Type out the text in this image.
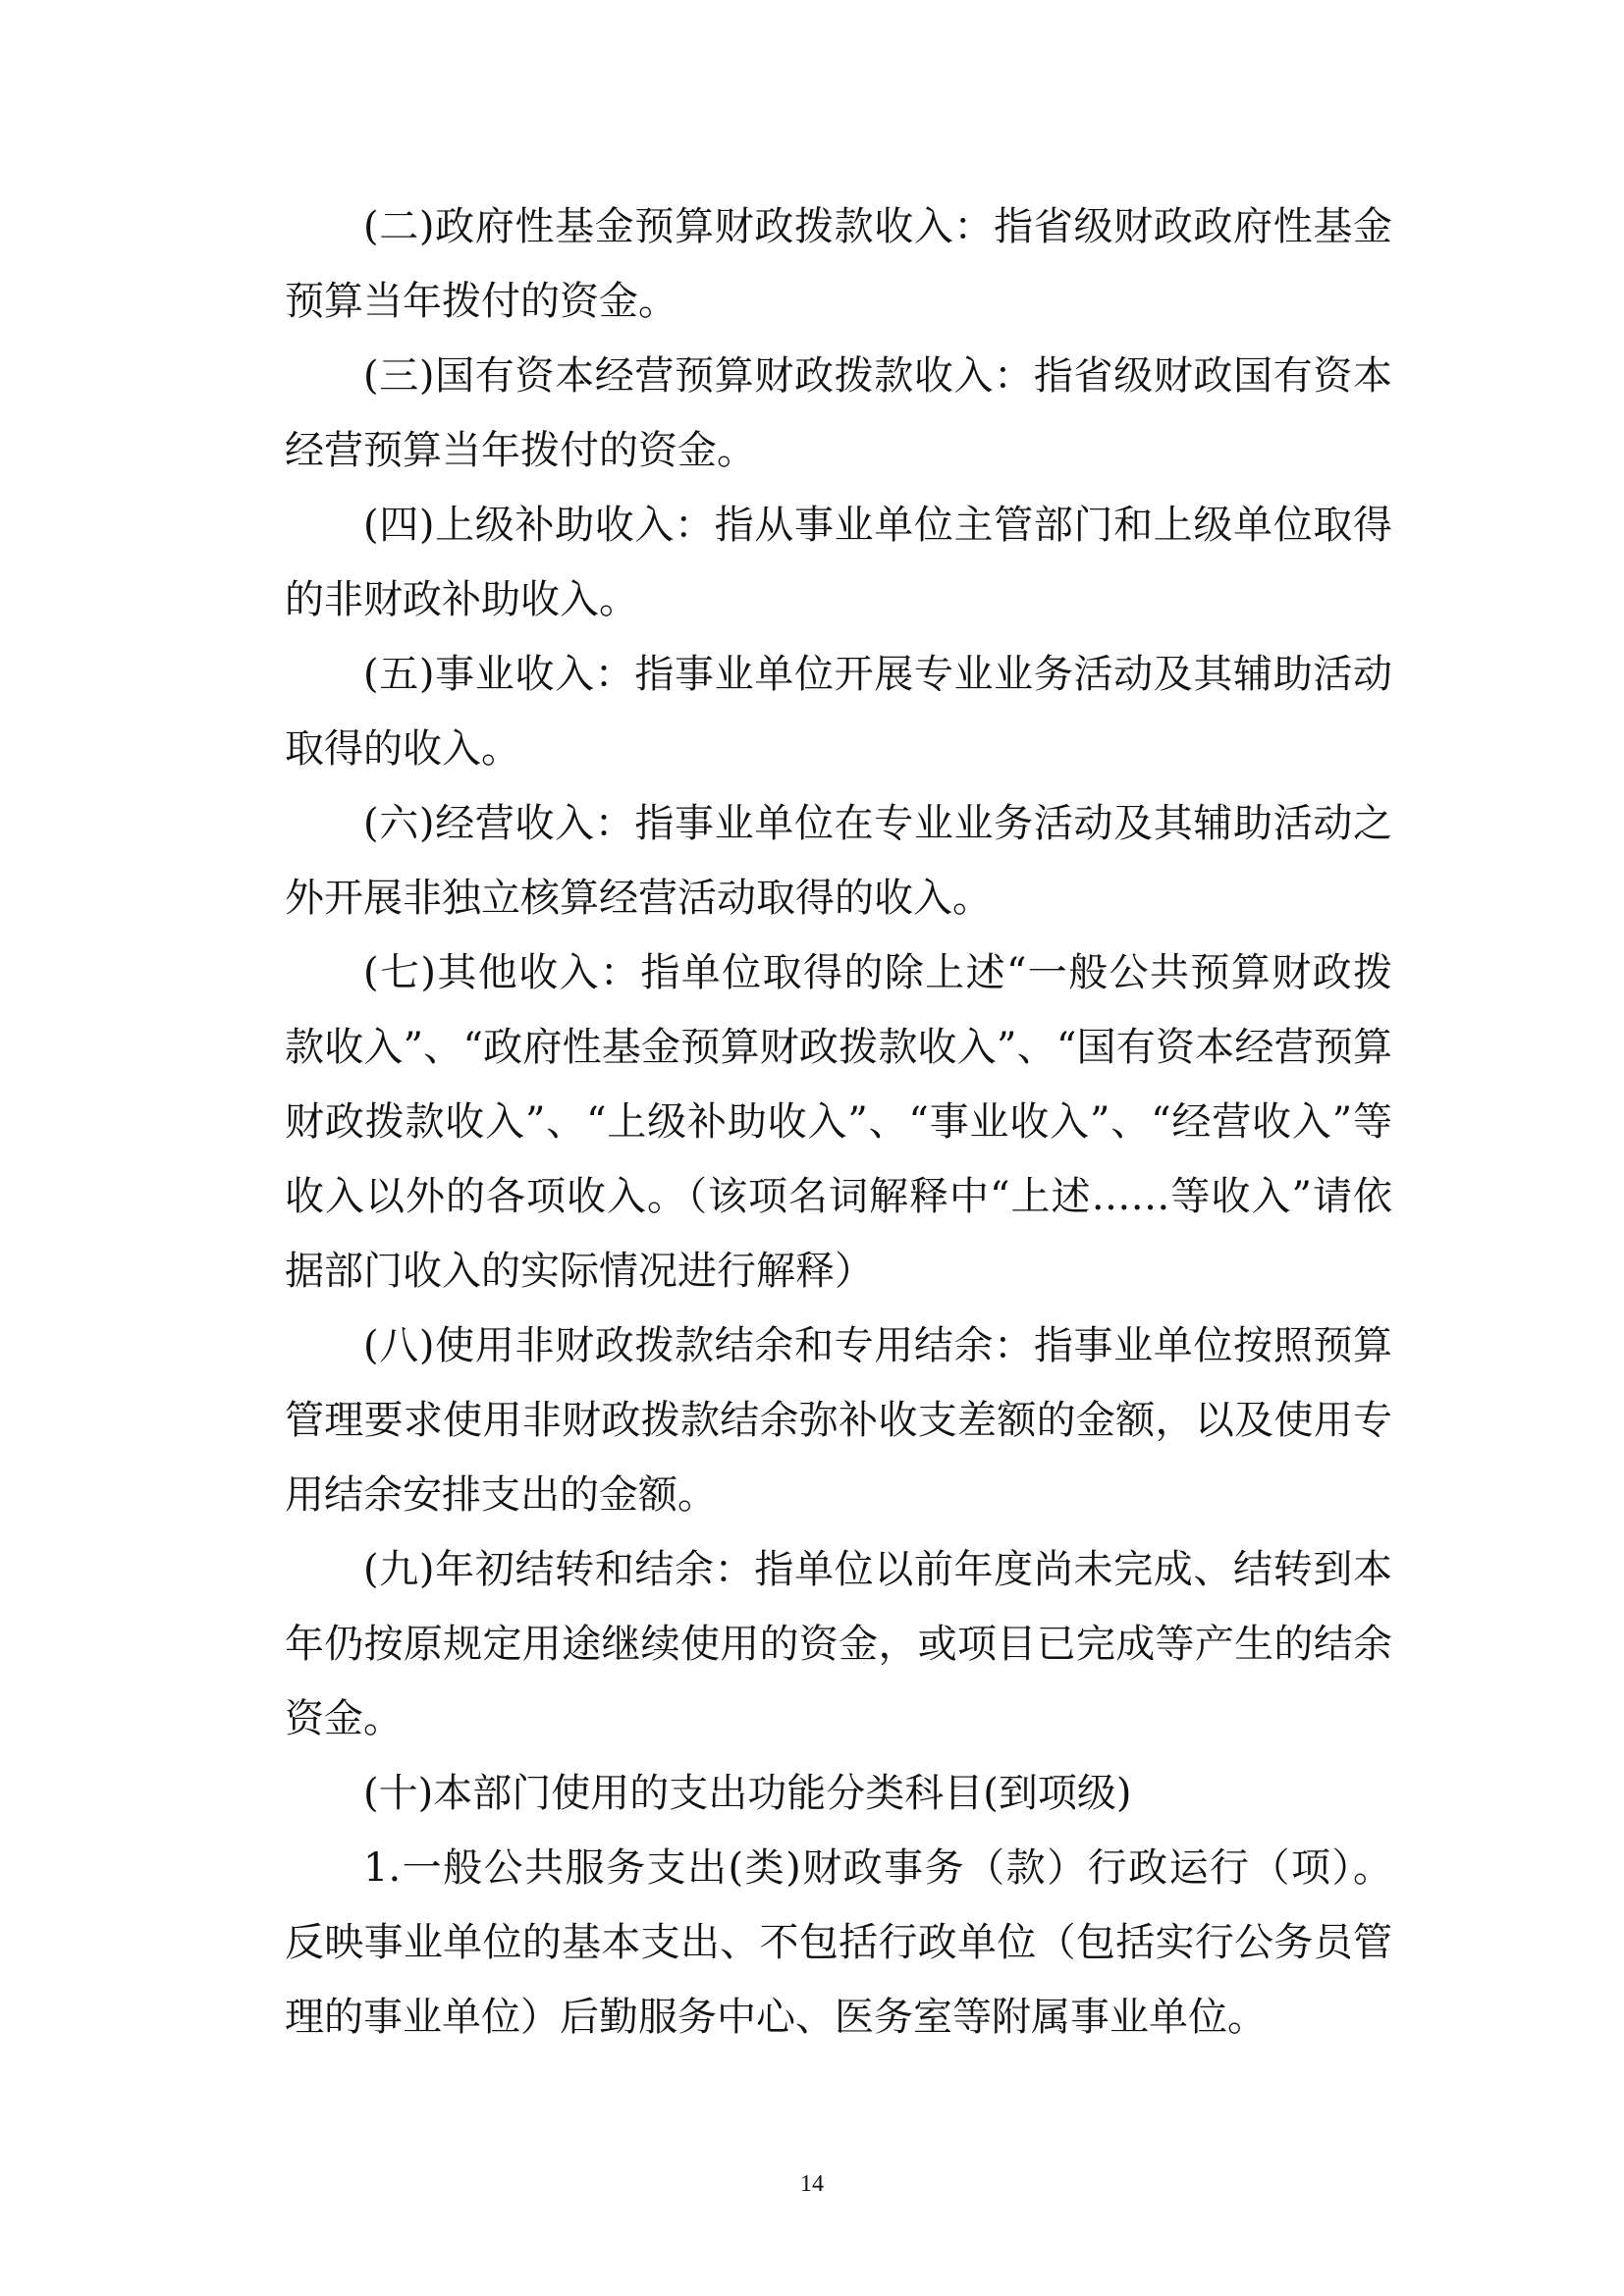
(二)政府性基金预算财政拨款收入：指省级财政政府性基金预算当年拨付的资金。

(三)国有资本经营预算财政拨款收入：指省级财政国有资本经营预算当年拨付的资金。

(四)上级补助收入：指从事业单位主管部门和上级单位取得的非财政补助收入。

(五)事业收入：指事业单位开展专业业务活动及其辅助活动取得的收入。

(六)经营收入：指事业单位在专业业务活动及其辅助活动之外开展非独立核算经营活动取得的收入。

(七)其他收入：指单位取得的除上述“一般公共预算财政拨款收入”、“政府性基金预算财政拨款收入”、“国有资本经营预算财政拨款收入”、“上级补助收入”、“事业收入”、“经营收入”等收入以外的各项收入。（该项名词解释中“上述……等收入”请依据部门收入的实际情况进行解释）

(八)使用非财政拨款结余和专用结余：指事业单位按照预算管理要求使用非财政拨款结余弥补收支差额的金额，以及使用专用结余安排支出的金额。

(九)年初结转和结余：指单位以前年度尚未完成、结转到本年仍按原规定用途继续使用的资金，或项目已完成等产生的结余资金。

(十)本部门使用的支出功能分类科目(到项级)

1.一般公共服务支出(类)财政事务（款）行政运行（项）。反映事业单位的基本支出、不包括行政单位（包括实行公务员管理的事业单位）后勤服务中心、医务室等附属事业单位。

14
